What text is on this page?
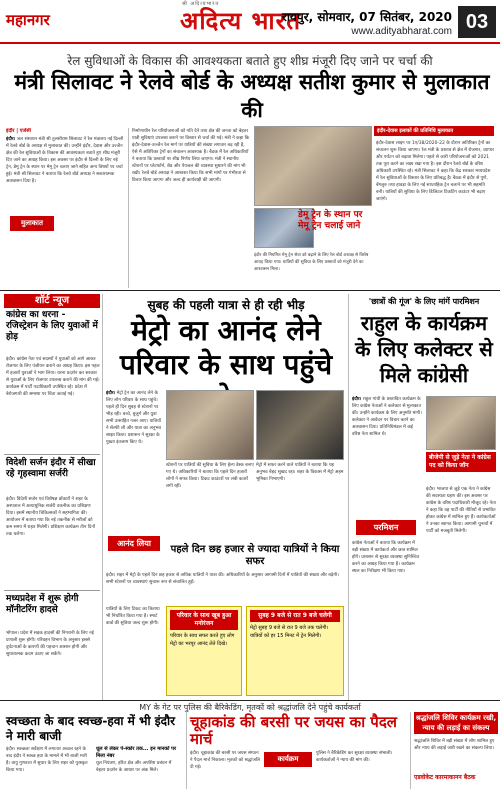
महानगर
श्री अदित्यभारत
अदित्य भारत
रायपुर, सोमवार, 07 सितंबर, 2020
www.adityabharat.com 03
रेल सुविधाओं के विकास की आवश्यकता बताते हुए शीघ्र मंजूरी दिए जाने पर चर्चा की
मंत्री सिलावट ने रेलवे बोर्ड के अध्यक्ष सतीश कुमार से मुलाकात की
इंदौर | एजेंसी
इंदौर। जल संसाधन मंत्री श्री तुलसीराम सिलावट ने रेल मंत्रालय नई दिल्ली में रेलवे बोर्ड के अध्यक्ष से मुलाकात की। उन्होंने इंदौर, देवास और उज्जैन क्षेत्र की रेल सुविधाओं के विकास की आवश्यकता बताते हुए शीघ्र मंजूरी दिए जाने का आग्रह किया। इस अवसर पर इंदौर से दिल्ली के लिए नई ट्रेन, डेमू ट्रेन के स्थान पर मेमू ट्रेन चलाए जाने सहित अन्य विषयों पर चर्चा हुई। मंत्री श्री सिलावट ने बताया कि रेलवे बोर्ड अध्यक्ष ने सकारात्मक आश्वासन दिया है।
मुलाकात
निर्माणाधीन रेल परियोजनाओं को गति देने तथा क्षेत्र की जनता को बेहतर यात्री सुविधाएं उपलब्ध कराने पर विस्तार से चर्चा की गई। मंत्री ने कहा कि इंदौर-देवास-उज्जैन रेल मार्ग पर यात्रियों की संख्या लगातार बढ़ रही है, ऐसे में अतिरिक्त ट्रेनों का संचालन आवश्यक है। बैठक में रेल अधिकारियों ने बताया कि प्रस्तावों पर शीघ्र निर्णय लिया जाएगा। मंत्री ने स्थानीय स्टेशनों पर प्लेटफॉर्म, शेड और पेयजल की व्यवस्था सुधारने की मांग भी रखी। रेलवे बोर्ड अध्यक्ष ने आश्वस्त किया कि सभी मांगों पर गंभीरता से विचार किया जाएगा और जल्द ही कार्यवाही की जाएगी।
इंदौर-देवास इलाकों की प्रतिनिधि मुलाकात
डेमू ट्रेन के स्थान पर मेमू ट्रेन चलाई जाने
इंदौर-देवास लाइन पर 1ए/38/2020-22 के दौरान अतिरिक्त ट्रेनों का संचालन शुरू किया जाएगा। रेल मंत्री के प्रस्ताव से क्षेत्र में रोजगार, व्यापार और पर्यटन को बढ़ावा मिलेगा। पहले से जारी परियोजनाओं को 2021 तक पूरा करने का लक्ष्य रखा गया है। इस दौरान रेलवे बोर्ड के वरिष्ठ अधिकारी उपस्थित रहे। मंत्री सिलावट ने कहा कि केंद्र सरकार मध्यप्रदेश में रेल सुविधाओं के विस्तार के लिए प्रतिबद्ध है। बैठक में इंदौर से पुणे, बेंगलुरु तथा हावड़ा के लिए नई साप्ताहिक ट्रेन चलाने पर भी सहमति बनी। यात्रियों की सुविधा के लिए डिजिटल टिकटिंग काउंटर भी बढ़ाए जाएंगे।
इंदौर की नियमित मेमू ट्रेन सेवा को बढ़ाने के लिए रेल बोर्ड अध्यक्ष से विशेष आग्रह किया गया। यात्रियों की सुविधा के लिए प्रस्तावों को मंजूरी देने का आश्वासन मिला।
शॉर्ट न्यूज
कांग्रेस का धरना - रजिस्ट्रेशन के लिए युवाओं में होड़
इंदौर। कांग्रेस नेता एवं सदस्यों ने युवाओं को आगे आकर रोजगार के लिए पंजीयन कराने का आग्रह किया। इस पहल में हजारों युवाओं ने भाग लिया। धरना प्रदर्शन कर सरकार से युवाओं के लिए रोजगार उपलब्ध कराने की मांग की गई। कार्यक्रम में पार्टी पदाधिकारी उपस्थित रहे। प्रदेश में बेरोजगारी की समस्या पर चिंता जताई गई।
विदेशी सर्जन इंदौर में सीखा रहे गृहस्वामा सर्जरी
इंदौर। विदेशी सर्जन एवं विशेषज्ञ डॉक्टरों ने शहर के अस्पताल में अत्याधुनिक सर्जरी तकनीक का प्रशिक्षण दिया। इसमें स्थानीय चिकित्सकों ने सहभागिता की। आयोजन में बताया गया कि नई तकनीक से मरीजों को कम समय में राहत मिलेगी। प्रशिक्षण कार्यक्रम तीन दिनों तक चलेगा।
मध्यप्रदेश में शुरू होगी मॉनीटरिंग हादसे
भोपाल। प्रदेश में सड़क हादसों की निगरानी के लिए नई प्रणाली शुरू होगी। परिवहन विभाग के अनुसार इससे दुर्घटनाओं के कारणों की पहचान आसान होगी और सुधारात्मक कदम उठाए जा सकेंगे।
सुबह की पहली यात्रा से ही रही भीड़
मेट्रो का आनंद लेने परिवार के साथ पहुंचे
इंदौर। मेट्रो ट्रेन का आनंद लेने के लिए लोग परिवार के साथ पहुंचे। पहले ही दिन सुबह से स्टेशनों पर भीड़ रही। बच्चे, बुजुर्ग और युवा सभी उत्साहित नजर आए। यात्रियों ने सेल्फी ली और यात्रा का अनुभव साझा किया। प्रशासन ने सुरक्षा के पुख्ता इंतजाम किए थे।
आनंद लिया
स्टेशनों पर यात्रियों की सुविधा के लिए हेल्प डेस्क बनाए गए थे। अधिकारियों ने बताया कि पहले दिन हजारों लोगों ने सफर किया। टिकट काउंटरों पर लंबी कतारें लगी रहीं।
मेट्रो में सफर करने वाले यात्रियों ने बताया कि यह अनुभव बेहद सुखद रहा। शहर के विकास में मेट्रो अहम भूमिका निभाएगी।
पहले दिन छह हजार से ज्यादा यात्रियों ने किया सफर
इंदौर। शहर में मेट्रो के पहले दिन छह हजार से अधिक यात्रियों ने यात्रा की। अधिकारियों के अनुसार आगामी दिनों में यात्रियों की संख्या और बढ़ेगी। सभी स्टेशनों पर व्यवस्थाएं सुचारू रूप से संचालित हुईं।
परिवार के साथ खूब हुआ मनोरंजन
परिवार के साथ सफर करते हुए लोग मेट्रो का भरपूर आनंद लेते दिखे।
सुबह 9 बजे से रात 9 बजे चलेगी
मेट्रो सुबह 9 बजे से रात 9 बजे तक चलेगी। यात्रियों को हर 15 मिनट में ट्रेन मिलेगी।
यात्रियों के लिए टिकट का किराया भी निर्धारित किया गया है। स्मार्ट कार्ड की सुविधा जल्द शुरू होगी।
'छात्रों की गूंज' के लिए मांगें पारमिशन
राहुल के कार्यक्रम के लिए कलेक्टर से मिले कांग्रेसी
इंदौर। राहुल गांधी के प्रस्तावित कार्यक्रम के लिए कांग्रेस नेताओं ने कलेक्टर से मुलाकात की। उन्होंने कार्यक्रम के लिए अनुमति मांगी। कलेक्टर ने आवेदन पर विचार करने का आश्वासन दिया। प्रतिनिधिमंडल में कई वरिष्ठ नेता शामिल थे।
परमिशन
कांग्रेस नेताओं ने बताया कि कार्यक्रम में बड़ी संख्या में कार्यकर्ता और छात्र शामिल होंगे। प्रशासन से सुरक्षा व्यवस्था सुनिश्चित करने का आग्रह किया गया है। कार्यक्रम स्थल का निरीक्षण भी किया गया।
बीजेपी से जुड़े नेता ने कांग्रेस पद को किया जॉन
इंदौर। भाजपा से जुड़े एक नेता ने कांग्रेस की सदस्यता ग्रहण की। इस अवसर पर कांग्रेस के वरिष्ठ पदाधिकारी मौजूद रहे। नेता ने कहा कि वह पार्टी की नीतियों से प्रभावित होकर कांग्रेस में शामिल हुए हैं। कार्यकर्ताओं ने उनका स्वागत किया। आगामी चुनावों में पार्टी को मजबूती मिलेगी।
MY के गेट पर पुलिस की बैरिकेडिंग, मृतकों को श्रद्धांजलि देने पहुंचे कार्यकर्ता
स्वच्छता के बाद स्वच्छ-हवा में भी इंदौर ने मारी बाजी
इंदौर। स्वच्छता सर्वेक्षण में लगातार अव्वल रहने के बाद इंदौर ने स्वच्छ हवा के मामले में भी बाजी मारी है। वायु गुणवत्ता में सुधार के लिए शहर को पुरस्कृत किया गया।
धूल से लेकर पे-स्कोर तक... इन मानकों पर मिला नंबर
धूल नियंत्रण, हरित क्षेत्र और अपशिष्ट प्रबंधन में बेहतर प्रदर्शन के आधार पर अंक मिले।
चूहाकांड की बरसी पर जयस का पैदल मार्च
इंदौर। चूहाकांड की बरसी पर जयस संगठन ने पैदल मार्च निकाला। मृतकों को श्रद्धांजलि दी गई।
कार्यक्रम
पुलिस ने बैरिकेडिंग कर सुरक्षा व्यवस्था संभाली। कार्यकर्ताओं ने न्याय की मांग की।
श्रद्धांजलि शिविर कार्यक्रम रखी, न्याय की लड़ाई का संकल्प
श्रद्धांजलि शिविर में बड़ी संख्या में लोग शामिल हुए और न्याय की लड़ाई जारी रखने का संकल्प लिया।
एडवोकेट कारमाकानन बैठक
